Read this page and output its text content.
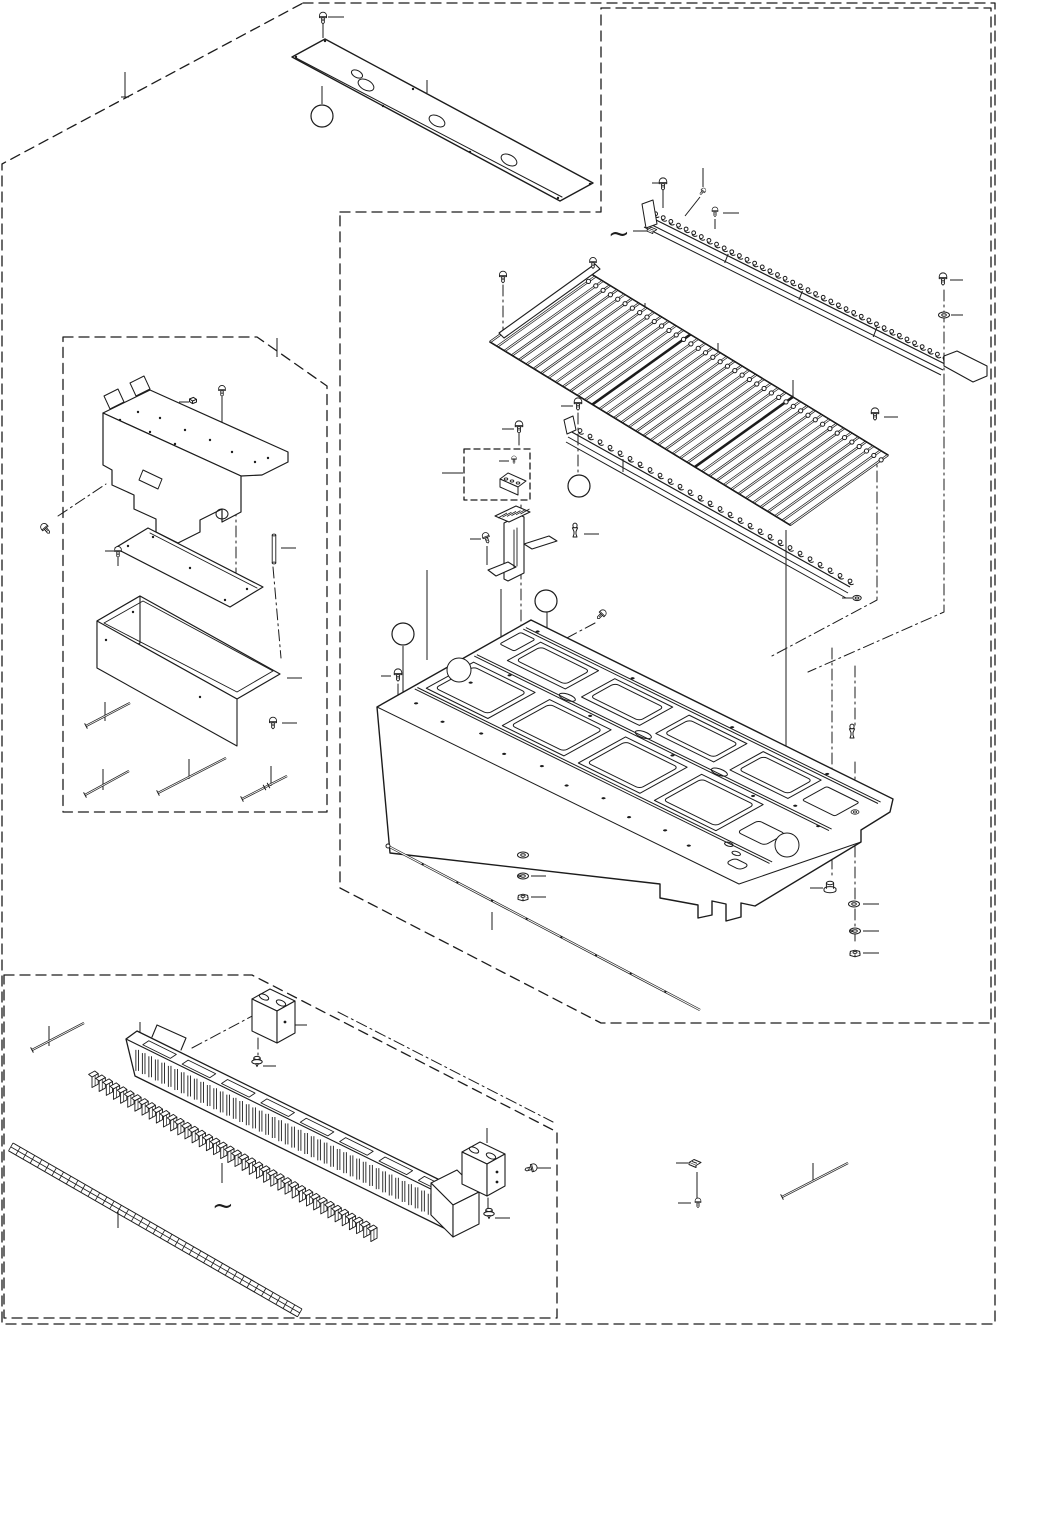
~
~
